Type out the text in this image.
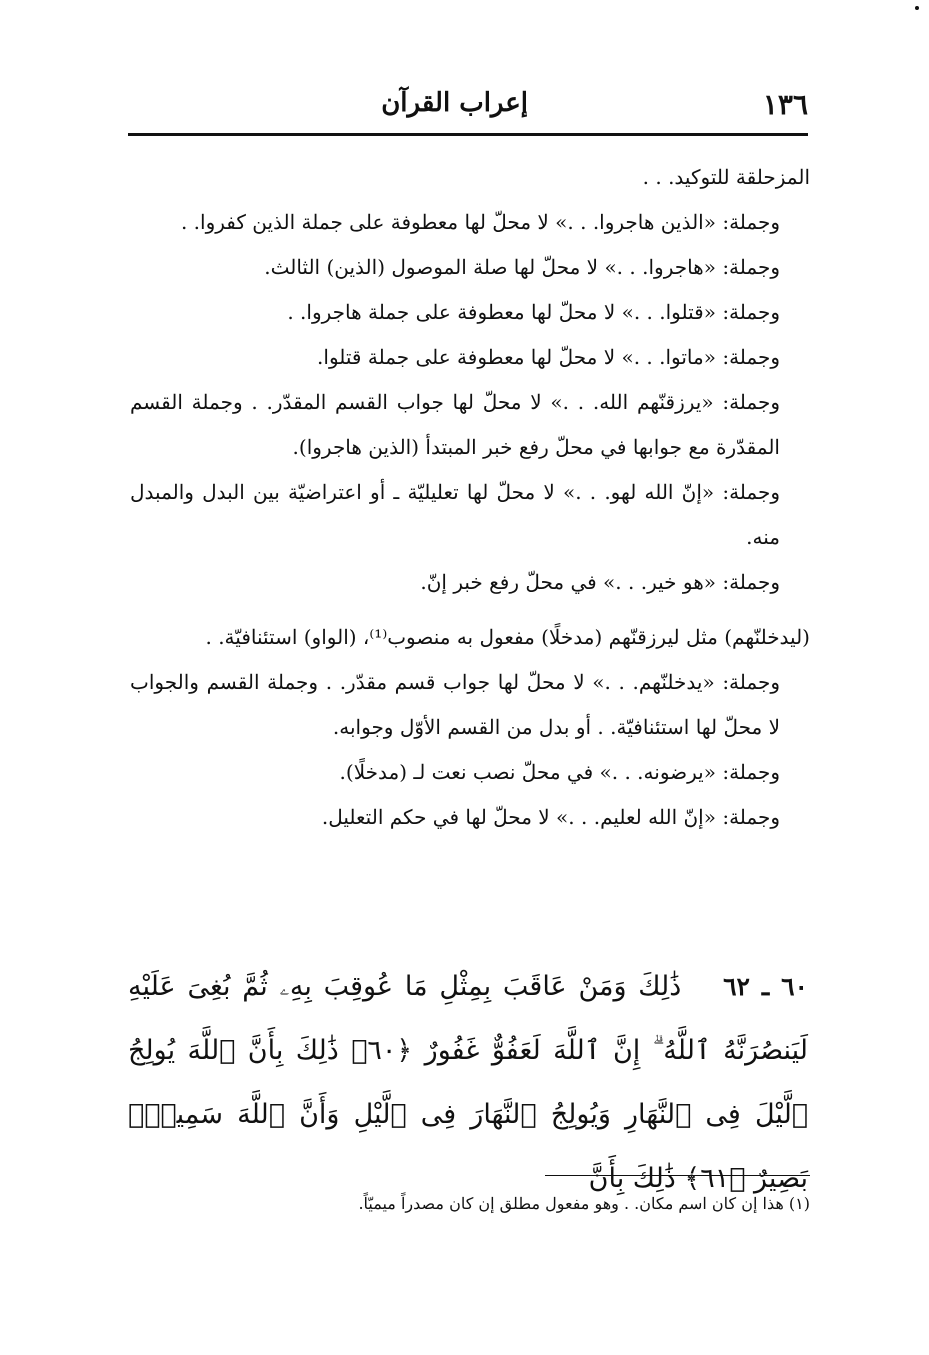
١٣٦
إعراب القرآن

المزحلقة للتوكيد. . .

وجملة: «الذين هاجروا. . .» لا محلّ لها معطوفة على جملة الذين كفروا. .

وجملة: «هاجروا. . .» لا محلّ لها صلة الموصول (الذين) الثالث.

وجملة: «قتلوا. . .» لا محلّ لها معطوفة على جملة هاجروا. .

وجملة: «ماتوا. . .» لا محلّ لها معطوفة على جملة قتلوا.

وجملة: «يرزقنّهم الله. . .» لا محلّ لها جواب القسم المقدّر. . وجملة القسم المقدّرة مع جوابها في محلّ رفع خبر المبتدأ (الذين هاجروا).

وجملة: «إنّ الله لهو. . .» لا محلّ لها تعليليّة ـ أو اعتراضيّة بين البدل والمبدل منه.

وجملة: «هو خير. . .» في محلّ رفع خبر إنّ.

(ليدخلنّهم) مثل ليرزقنّهم (مدخلًا) مفعول به منصوب⁽¹⁾، (الواو) استئنافيّة. .

وجملة: «يدخلنّهم. . .» لا محلّ لها جواب قسم مقدّر. . وجملة القسم والجواب لا محلّ لها استئنافيّة. . أو بدل من القسم الأوّل وجوابه.

وجملة: «يرضونه. . .» في محلّ نصب نعت لـ (مدخلًا).

وجملة: «إنّ الله لعليم. . .» لا محلّ لها في حكم التعليل.

٦٠ ـ ٦٢ ذَٰلِكَ وَمَنْ عَاقَبَ بِمِثْلِ مَا عُوقِبَ بِهِۦ ثُمَّ بُغِىَ عَلَيْهِ لَيَنصُرَنَّهُ ٱللَّهُ ۗ إِنَّ ٱللَّهَ لَعَفُوٌّ غَفُورٌ ﴿٦٠﴾ ذَٰلِكَ بِأَنَّ ٱللَّهَ يُولِجُ ٱلَّيْلَ فِى ٱلنَّهَارِ وَيُولِجُ ٱلنَّهَارَ فِى ٱلَّيْلِ وَأَنَّ ٱللَّهَ سَمِيعٌۢ بَصِيرٌ ﴿٦١﴾ ذَٰلِكَ بِأَنَّ

(١) هذا إن كان اسم مكان. . وهو مفعول مطلق إن كان مصدراً ميميّاً.
